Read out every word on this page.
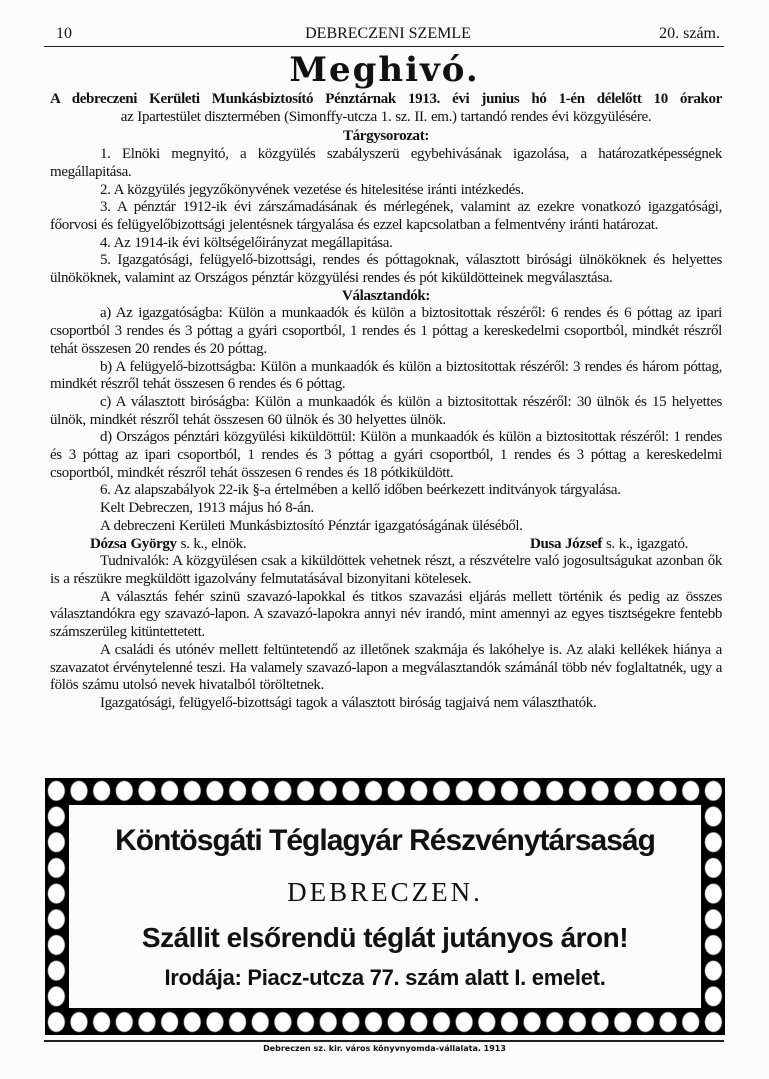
10	DEBRECZENI SZEMLE	20. szám.
Meghivó.

A debreczeni Kerületi Munkásbiztosító Pénztárnak 1913. évi junius hó 1-én délelőtt 10 órakor

az Ipartestület disztermében (Simonffy-utcza 1. sz. II. em.) tartandó rendes évi közgyülésére.

Tárgysorozat:

1. Elnöki megnyitó, a közgyülés szabályszerü egybehivásának igazolása, a határozatképességnek megállapitása.

2. A közgyülés jegyzőkönyvének vezetése és hitelesitése iránti intézkedés.

3. A pénztár 1912-ik évi zárszámadásának és mérlegének, valamint az ezekre vonatkozó igazgatósági, főorvosi és felügyelőbizottsági jelentésnek tárgyalása és ezzel kapcsolatban a felmentvény iránti határozat.

4. Az 1914-ik évi költségelőirányzat megállapitása.

5. Igazgatósági, felügyelő-bizottsági, rendes és póttagoknak, választott birósági ülnököknek és helyettes ülnököknek, valamint az Országos pénztár közgyülési rendes és pót kiküldötteinek megválasztása.

Választandók:

a) Az igazgatóságba: Külön a munkaadók és külön a biztositottak részéről: 6 rendes és 6 póttag az ipari csoportból 3 rendes és 3 póttag a gyári csoportból, 1 rendes és 1 póttag a kereskedelmi csoportból, mindkét részről tehát összesen 20 rendes és 20 póttag.

b) A felügyelő-bizottságba: Külön a munkaadók és külön a biztositottak részéről: 3 rendes és három póttag, mindkét részről tehát összesen 6 rendes és 6 póttag.

c) A választott biróságba: Külön a munkaadók és külön a biztositottak részéről: 30 ülnök és 15 helyettes ülnök, mindkét részről tehát összesen 60 ülnök és 30 helyettes ülnök.

d) Országos pénztári közgyülési kiküldöttül: Külön a munkaadók és külön a biztositottak részéről: 1 rendes és 3 póttag az ipari csoportból, 1 rendes és 3 póttag a gyári csoportból, 1 rendes és 3 póttag a kereskedelmi csoportból, mindkét részről tehát összesen 6 rendes és 18 pótkiküldött.

6. Az alapszabályok 22-ik §-a értelmében a kellő időben beérkezett inditványok tárgyalása.

Kelt Debreczen, 1913 május hó 8-án.

A debreczeni Kerületi Munkásbiztosító Pénztár igazgatóságának üléséből.

Dózsa György s. k., elnök.	Dusa József s. k., igazgató.

Tudnivalók: A közgyülésen csak a kiküldöttek vehetnek részt, a részvételre való jogosultságukat azonban ők is a részükre megküldött igazolvány felmutatásával bizonyitani kötelesek.

A választás fehér szinü szavazó-lapokkal és titkos szavazási eljárás mellett történik és pedig az összes választandókra egy szavazó-lapon. A szavazó-lapokra annyi név irandó, mint amennyi az egyes tisztségekre fentebb számszerüleg kitüntettetett.

A családi és utónév mellett feltüntetendő az illetőnek szakmája és lakóhelye is. Az alaki kellékek hiánya a szavazatot érvénytelenné teszi. Ha valamely szavazó-lapon a megválasztandók számánál több név foglaltatnék, ugy a fölös számu utolsó nevek hivatalból töröltetnek.

Igazgatósági, felügyelő-bizottsági tagok a választott biróság tagjaivá nem választhatók.

Köntösgáti Téglagyár Részvénytársaság
DEBRECZEN.
Szállit elsőrendü téglát jutányos áron!
Irodája: Piacz-utcza 77. szám alatt I. emelet.
Debreczen sz. kir. város könyvnyomda-vállalata. 1913
